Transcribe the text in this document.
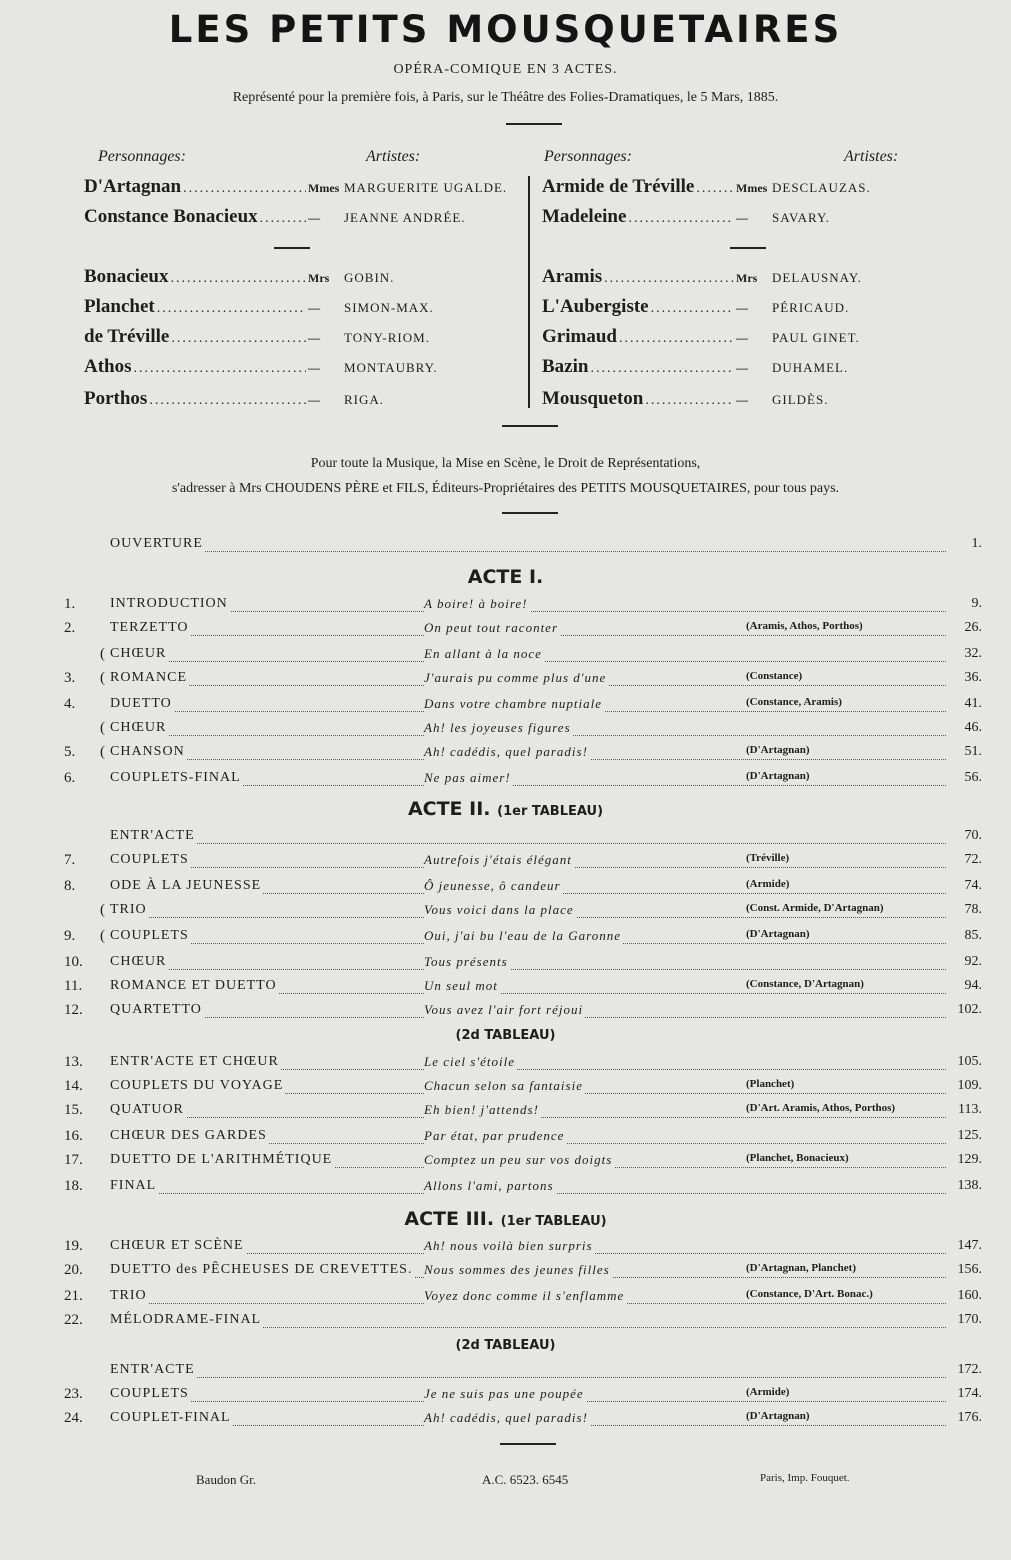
LES PETITS MOUSQUETAIRES
OPÉRA-COMIQUE EN 3 ACTES.
Représenté pour la première fois, à Paris, sur le Théâtre des Folies-Dramatiques, le 5 Mars, 1885.
Personnages:	Artistes:	Personnages:	Artistes:
D'Artagnan .....	Mmes MARGUERITE UGALDE.
Constance Bonacieux .....	—	JEANNE ANDRÉE.
Bonacieux .....	Mrs	GOBIN.
Planchet .....	—	SIMON-MAX.
de Tréville .....	—	TONY-RIOM.
Athos .....	—	MONTAUBRY.
Porthos .....	—	RIGA.
Armide de Tréville .....	Mmes DESCLAUZAS.
Madeleine .....	—	SAVARY.
Aramis .....	Mrs	DELAUSNAY.
L'Aubergiste .....	—	PÉRICAUD.
Grimaud .....	—	PAUL GINET.
Bazin .....	—	DUHAMEL.
Mousqueton .....	—	GILDÈS.
Pour toute la Musique, la Mise en Scène, le Droit de Représentations,
s'adresser à Mrs CHOUDENS PÈRE et FILS, Éditeurs-Propriétaires des PETITS MOUSQUETAIRES, pour tous pays.
OUVERTURE	1.
ACTE I.
ACTE II. (1er TABLEAU)
(2d TABLEAU)
ACTE III. (1er TABLEAU)
(2d TABLEAU)
1.	INTRODUCTION	A boire! à boire!	9.
2.	TERZETTO	On peut tout raconter	(Aramis, Athos, Porthos)	26.
( CHŒUR	En allant à la noce	32.
3.	( ROMANCE	J'aurais pu comme plus d'une	(Constance)	36.
4.	DUETTO	Dans votre chambre nuptiale	(Constance, Aramis)	41.
( CHŒUR	Ah! les joyeuses figures	46.
5.	( CHANSON	Ah! cadédis, quel paradis!	(D'Artagnan)	51.
6.	COUPLETS-FINAL	Ne pas aimer!	(D'Artagnan)	56.
ENTR'ACTE	70.
7.	COUPLETS	Autrefois j'étais élégant	(Tréville)	72.
8.	ODE À LA JEUNESSE	Ô jeunesse, ô candeur	(Armide)	74.
( TRIO	Vous voici dans la place	(Const. Armide, D'Artagnan)	78.
9.	( COUPLETS	Oui, j'ai bu l'eau de la Garonne	(D'Artagnan)	85.
10.	CHŒUR	Tous présents	92.
11.	ROMANCE ET DUETTO	Un seul mot	(Constance, D'Artagnan)	94.
12.	QUARTETTO	Vous avez l'air fort réjoui	102.
13.	ENTR'ACTE ET CHŒUR	Le ciel s'étoile	105.
14.	COUPLETS DU VOYAGE	Chacun selon sa fantaisie	(Planchet)	109.
15.	QUATUOR	Eh bien! j'attends!	(D'Art. Aramis, Athos, Porthos)	113.
16.	CHŒUR DES GARDES	Par état, par prudence	125.
17.	DUETTO DE L'ARITHMÉTIQUE	Comptez un peu sur vos doigts	(Planchet, Bonacieux)	129.
18.	FINAL	Allons l'ami, partons	138.
19.	CHŒUR ET SCÈNE	Ah! nous voilà bien surpris	147.
20.	DUETTO des PÊCHEUSES DE CREVETTES. Nous sommes des jeunes filles	(D'Artagnan, Planchet)	156.
21.	TRIO	Voyez donc comme il s'enflamme	(Constance, D'Art. Bonac.)	160.
22.	MÉLODRAME-FINAL	170.
ENTR'ACTE	172.
23.	COUPLETS	Je ne suis pas une poupée	(Armide)	174.
24.	COUPLET-FINAL	Ah! cadédis, quel paradis!	(D'Artagnan)	176.
Baudon Gr.	A.C. 6523. 6545	Paris, Imp. Fouquet.
